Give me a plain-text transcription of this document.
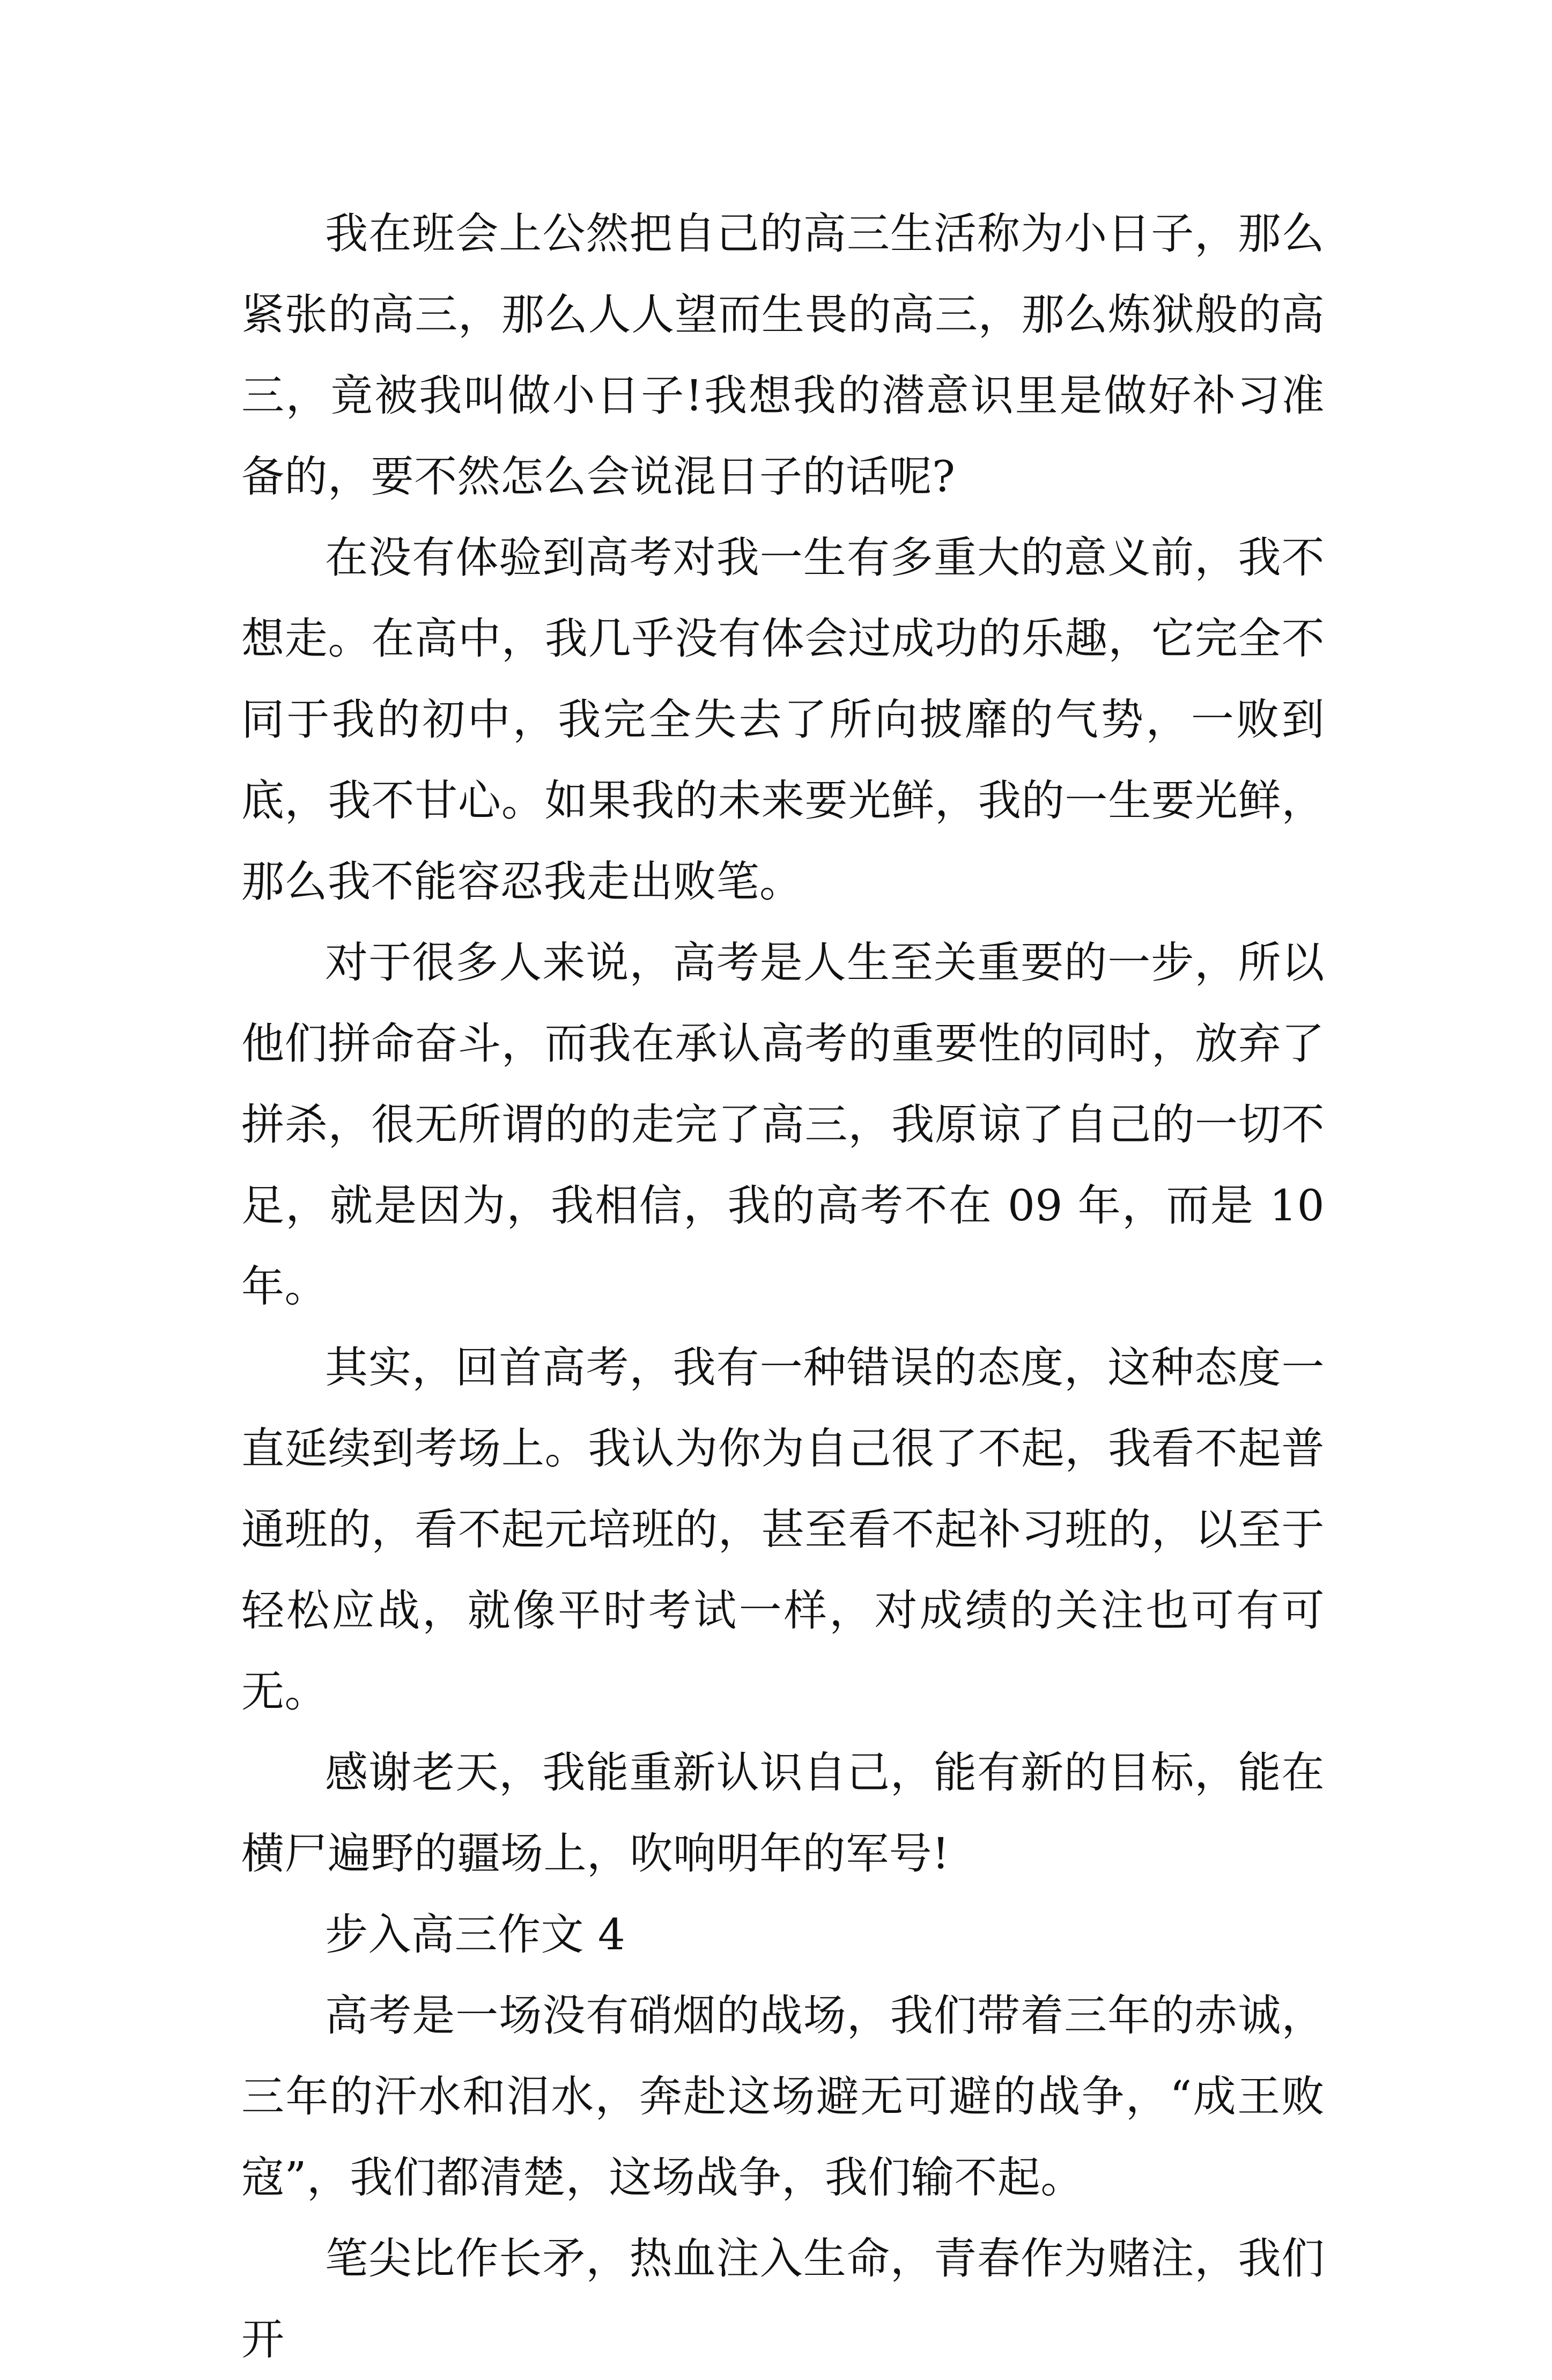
我在班会上公然把自己的高三生活称为小日子，那么紧张的高三，那么人人望而生畏的高三，那么炼狱般的高三，竟被我叫做小日子!我想我的潜意识里是做好补习准备的，要不然怎么会说混日子的话呢?

在没有体验到高考对我一生有多重大的意义前，我不想走。在高中，我几乎没有体会过成功的乐趣，它完全不同于我的初中，我完全失去了所向披靡的气势，一败到底，我不甘心。如果我的未来要光鲜，我的一生要光鲜，那么我不能容忍我走出败笔。

对于很多人来说，高考是人生至关重要的一步，所以他们拼命奋斗，而我在承认高考的重要性的同时，放弃了拼杀，很无所谓的的走完了高三，我原谅了自己的一切不足，就是因为，我相信，我的高考不在 09 年，而是 10 年。

其实，回首高考，我有一种错误的态度，这种态度一直延续到考场上。我认为你为自己很了不起，我看不起普通班的，看不起元培班的，甚至看不起补习班的，以至于轻松应战，就像平时考试一样，对成绩的关注也可有可无。

感谢老天，我能重新认识自己，能有新的目标，能在横尸遍野的疆场上，吹响明年的军号!

步入高三作文 4

高考是一场没有硝烟的战场，我们带着三年的赤诚，三年的汗水和泪水，奔赴这场避无可避的战争，“成王败寇”，我们都清楚，这场战争，我们输不起。

笔尖比作长矛，热血注入生命，青春作为赌注，我们开
